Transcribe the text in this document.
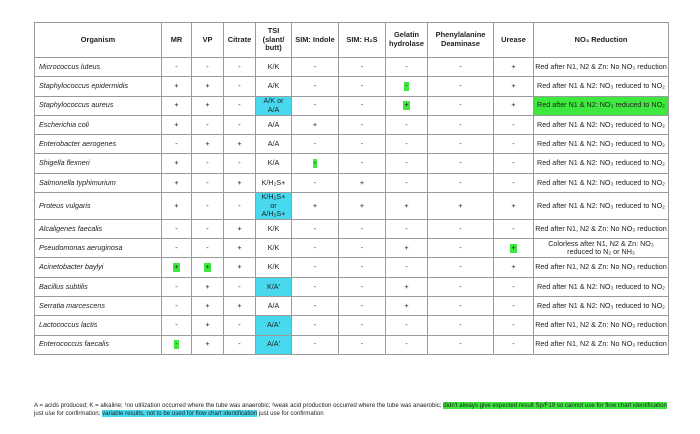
Organism	MR	VP	Citrate	TSI
(slant/
butt)	SIM: Indole	SIM: H₂S	Gelatin hydrolase	Phenylalanine Deaminase	Urease	NO₃ Reduction
Micrococcus luteus	-	-	-	K/K	-	-	-	-	+	Red after N1, N2 & Zn: No NO₃ reduction
Staphylococcus epidermidis	+	+	-	A/K	-	-	-	-	+	Red after N1 & N2: NO₃ reduced to NO₂
Staphylococcus aureus	+	+	-	A/K or A/A	-	-	+	-	+	Red after N1 & N2: NO₃ reduced to NO₂
Escherichia coli	+	-	-	A/A	+	-	-	-	-	Red after N1 & N2: NO₃ reduced to NO₂
Enterobacter aerogenes	-	+	+	A/A	-	-	-	-	-	Red after N1 & N2: NO₃ reduced to NO₂
Shigella flexneri	+	-	-	K/A	-	-	-	-	-	Red after N1 & N2: NO₃ reduced to NO₂
Salmonella typhimurium	+	-	+	K/H₂S+	-	+	-	-	-	Red after N1 & N2: NO₃ reduced to NO₂
Proteus vulgaris	+	-	-	K/H₂S+ or A/H₂S+	+	+	+	+	+	Red after N1 & N2: NO₃ reduced to NO₂
Alcaligenes faecalis	-	-	+	K/K	-	-	-	-	-	Red after N1, N2 & Zn: No NO₃ reduction
Pseudomonas aeruginosa	-	-	+	K/K	-	-	+	-	+	Colorless after N1, N2 & Zn: NO₃ reduced to N₂ or NH₃
Acinetobacter baylyi	+	+	+	K/K	-	-	-	-	+	Red after N1, N2 & Zn: No NO₃ reduction
Bacillus subtilis	-	+	-	K/A'	-	-	+	-	-	Red after N1 & N2: NO₃ reduced to NO₂
Serratia marcescens	-	+	+	A/A	-	-	+	-	-	Red after N1 & N2: NO₃ reduced to NO₂
Lactococcus lactis	-	+	-	A/A'	-	-	-	-	-	Red after N1, N2 & Zn: No NO₃ reduction
Enterococcus faecalis	-	+	-	A/A'	-	-	-	-	-	Red after N1, N2 & Zn: No NO₃ reduction
A = acids produced; K = alkaline; ¹no utilization occurred where the tube was anaerobic; ²weak acid production occurred where the tube was anaerobic; didn't always give expected result Sp/F19 so cannot use for flow chart identification just use for confirmation; variable results, not to be used for flow chart identification just use for confirmation
